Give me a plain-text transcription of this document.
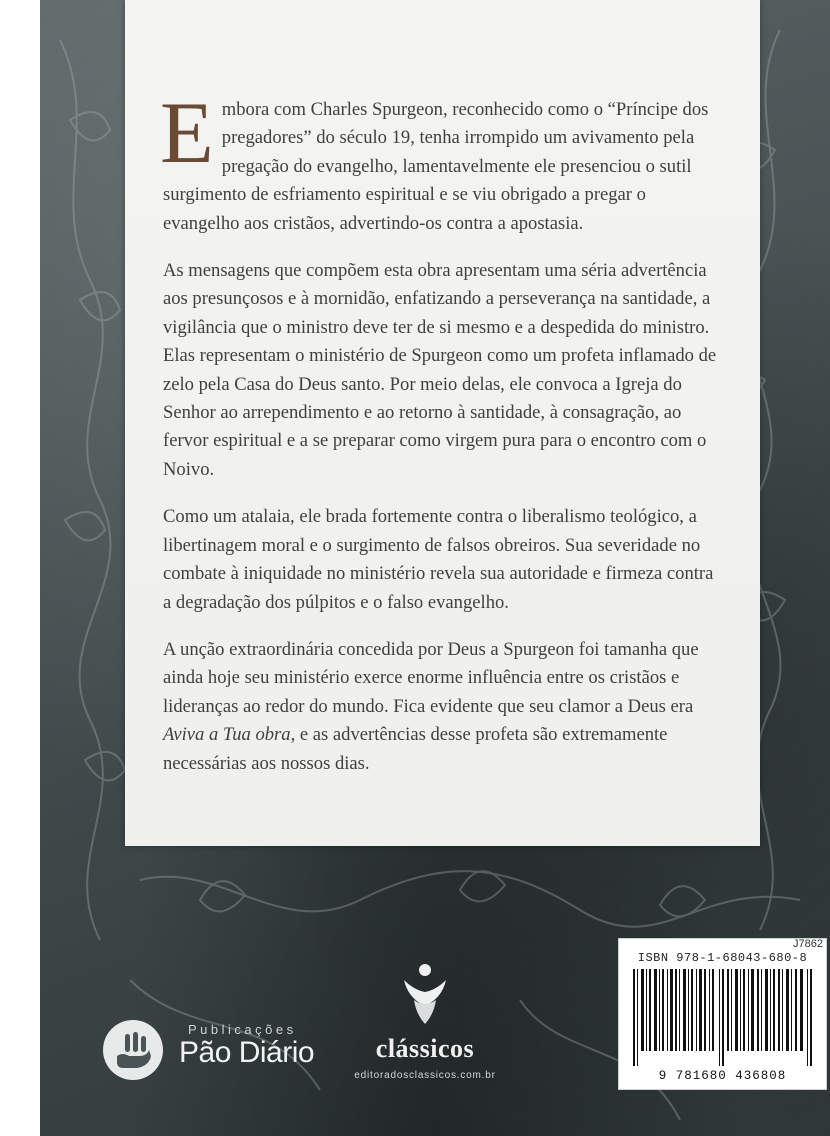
Embora com Charles Spurgeon, reconhecido como o “Príncipe dos pregadores” do século 19, tenha irrompido um avivamento pela pregação do evangelho, lamentavelmente ele presenciou o sutil surgimento de esfriamento espiritual e se viu obrigado a pregar o evangelho aos cristãos, advertindo-os contra a apostasia.

As mensagens que compõem esta obra apresentam uma séria advertência aos presunçosos e à mornidão, enfatizando a perseverança na santidade, a vigilância que o ministro deve ter de si mesmo e a despedida do ministro. Elas representam o ministério de Spurgeon como um profeta inflamado de zelo pela Casa do Deus santo. Por meio delas, ele convoca a Igreja do Senhor ao arrependimento e ao retorno à santidade, à consagração, ao fervor espiritual e a se preparar como virgem pura para o encontro com o Noivo.

Como um atalaia, ele brada fortemente contra o liberalismo teológico, a libertinagem moral e o surgimento de falsos obreiros. Sua severidade no combate à iniquidade no ministério revela sua autoridade e firmeza contra a degradação dos púlpitos e o falso evangelho.

A unção extraordinária concedida por Deus a Spurgeon foi tamanha que ainda hoje seu ministério exerce enorme influência entre os cristãos e lideranças ao redor do mundo. Fica evidente que seu clamor a Deus era Aviva a Tua obra, e as advertências desse profeta são extremamente necessárias aos nossos dias.

Publicações
Pão Diário	clássicos
editoradosclassicos.com.br
J7862
ISBN 978-1-68043-680-8
9 781680 436808
